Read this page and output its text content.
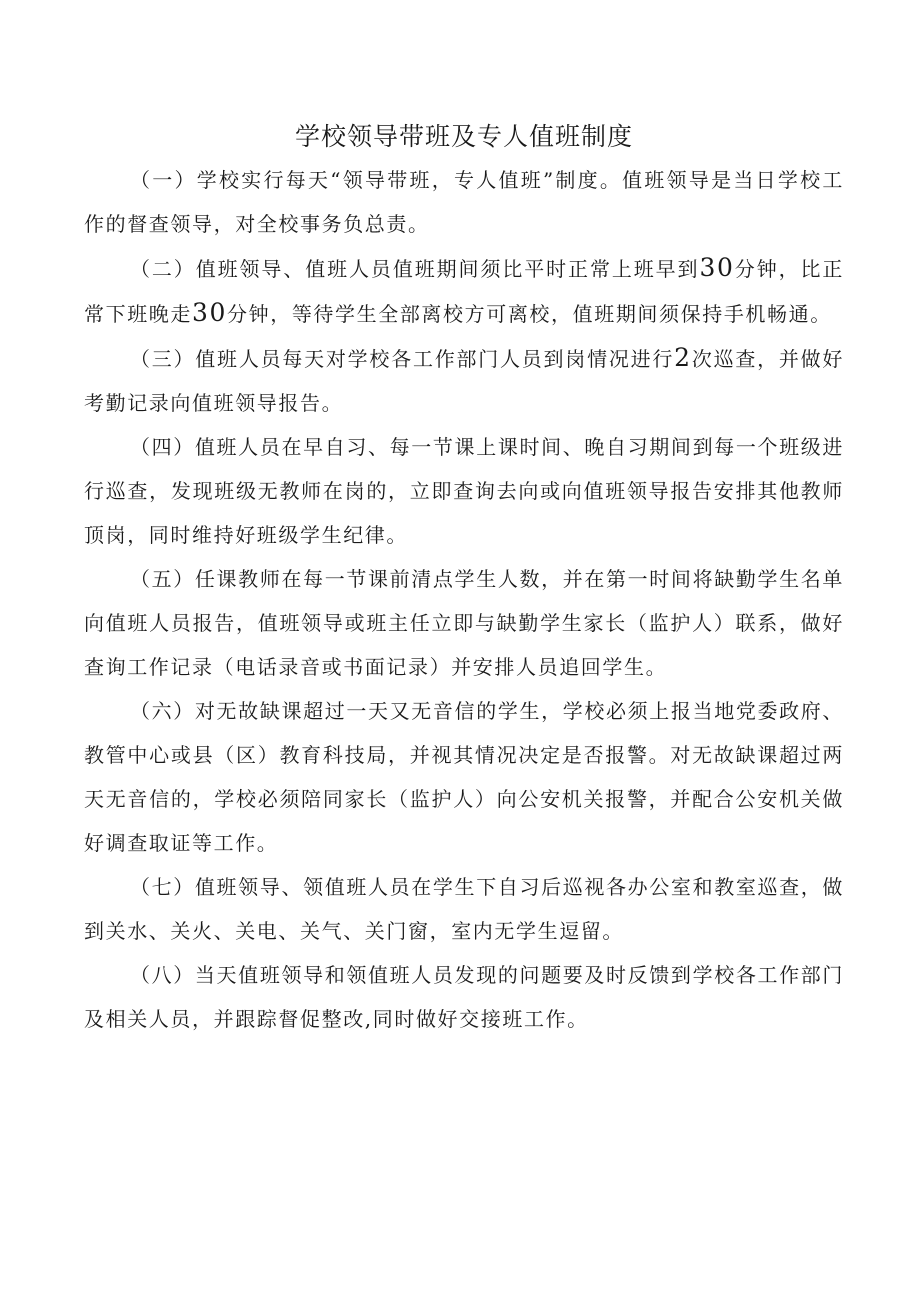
学校领导带班及专人值班制度

（一）学校实行每天“领导带班，专人值班”制度。值班领导是当日学校工作的督查领导，对全校事务负总责。

（二）值班领导、值班人员值班期间须比平时正常上班早到30分钟，比正常下班晚走30分钟，等待学生全部离校方可离校，值班期间须保持手机畅通。

（三）值班人员每天对学校各工作部门人员到岗情况进行2次巡查，并做好考勤记录向值班领导报告。

（四）值班人员在早自习、每一节课上课时间、晚自习期间到每一个班级进行巡查，发现班级无教师在岗的，立即查询去向或向值班领导报告安排其他教师顶岗，同时维持好班级学生纪律。

（五）任课教师在每一节课前清点学生人数，并在第一时间将缺勤学生名单向值班人员报告，值班领导或班主任立即与缺勤学生家长（监护人）联系，做好查询工作记录（电话录音或书面记录）并安排人员追回学生。

（六）对无故缺课超过一天又无音信的学生，学校必须上报当地党委政府、教管中心或县（区）教育科技局，并视其情况决定是否报警。对无故缺课超过两天无音信的，学校必须陪同家长（监护人）向公安机关报警，并配合公安机关做好调查取证等工作。

（七）值班领导、领值班人员在学生下自习后巡视各办公室和教室巡查，做到关水、关火、关电、关气、关门窗，室内无学生逗留。

（八）当天值班领导和领值班人员发现的问题要及时反馈到学校各工作部门及相关人员，并跟踪督促整改,同时做好交接班工作。
